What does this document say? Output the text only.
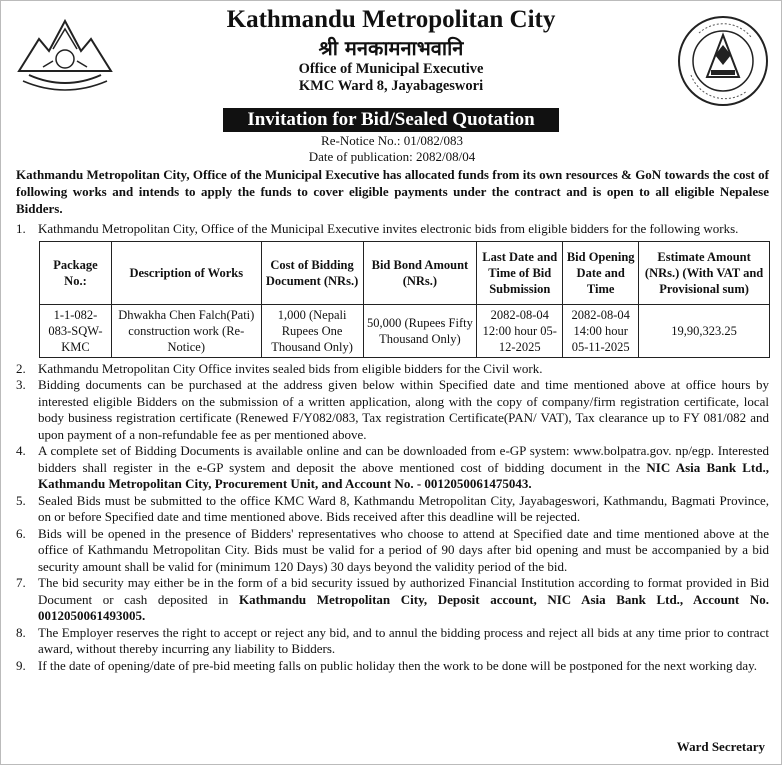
Kathmandu Metropolitan City
श्री मनकामनाभवानि
Office of Municipal Executive
KMC Ward 8, Jayabageswori
Invitation for Bid/Sealed Quotation
Re-Notice No.: 01/082/083
Date of publication: 2082/08/04
Kathmandu Metropolitan City, Office of the Municipal Executive has allocated funds from its own resources & GoN towards the cost of following works and intends to apply the funds to cover eligible payments under the contract and is open to all eligible Nepalese Bidders.
1. Kathmandu Metropolitan City, Office of the Municipal Executive invites electronic bids from eligible bidders for the following works.
Package No.:	Description of Works	Cost of Bidding Document (NRs.)	Bid Bond Amount (NRs.)	Last Date and Time of Bid Submission	Bid Opening Date and Time	Estimate Amount (NRs.) (With VAT and Provisional sum)
1-1-082-083-SQW-KMC	Dhwakha Chen Falch(Pati) construction work (Re-Notice)	1,000 (Nepali Rupees One Thousand Only)	50,000 (Rupees Fifty Thousand Only)	2082-08-04 12:00 hour 05-12-2025	2082-08-04 14:00 hour 05-11-2025	19,90,323.25
2. Kathmandu Metropolitan City Office invites sealed bids from eligible bidders for the Civil work.
3. Bidding documents can be purchased at the address given below within Specified date and time mentioned above at office hours by interested eligible Bidders on the submission of a written application, along with the copy of company/firm registration certificate, local body business registration certificate (Renewed F/Y082/083, Tax registration Certificate(PAN/ VAT), Tax clearance up to FY 081/082 and upon payment of a non-refundable fee as per mentioned above.
4. A complete set of Bidding Documents is available online and can be downloaded from e-GP system: www.bolpatra.gov. np/egp. Interested bidders shall register in the e-GP system and deposit the above mentioned cost of bidding document in the NIC Asia Bank Ltd., Kathmandu Metropolitan City, Procurement Unit, and Account No. - 0012050061475043.
5. Sealed Bids must be submitted to the office KMC Ward 8, Kathmandu Metropolitan City, Jayabageswori, Kathmandu, Bagmati Province, on or before Specified date and time mentioned above. Bids received after this deadline will be rejected.
6. Bids will be opened in the presence of Bidders' representatives who choose to attend at Specified date and time mentioned above at the office of Kathmandu Metropolitan City. Bids must be valid for a period of 90 days after bid opening and must be accompanied by a bid security amount shall be valid for (minimum 120 Days) 30 days beyond the validity period of the bid.
7. The bid security may either be in the form of a bid security issued by authorized Financial Institution according to format provided in Bid Document or cash deposited in Kathmandu Metropolitan City, Deposit account, NIC Asia Bank Ltd., Account No. 0012050061493005.
8. The Employer reserves the right to accept or reject any bid, and to annul the bidding process and reject all bids at any time prior to contract award, without thereby incurring any liability to Bidders.
9. If the date of opening/date of pre-bid meeting falls on public holiday then the work to be done will be postponed for the next working day.
Ward Secretary
